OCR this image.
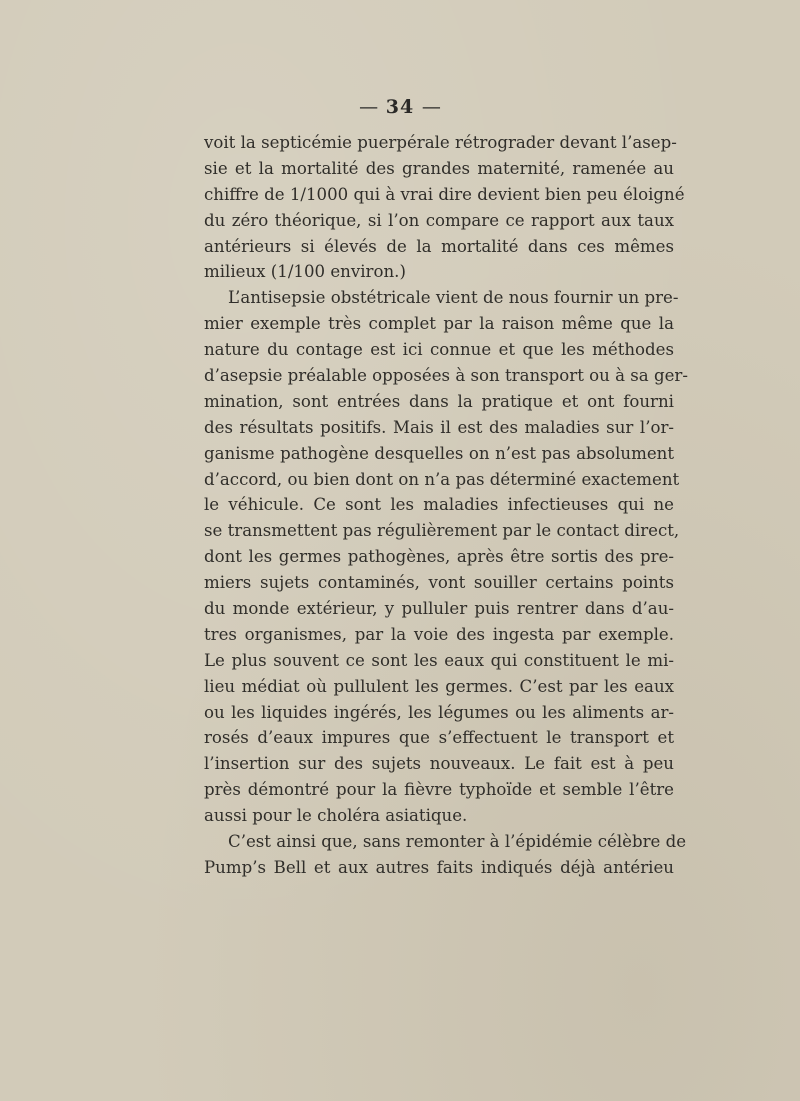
— 34 —
voit la septicémie puerpérale rétrograder devant l’asep-
sie et la mortalité des grandes maternité, ramenée au
chiffre de 1/1000 qui à vrai dire devient bien peu éloigné
du zéro théorique, si l’on compare ce rapport aux taux
antérieurs si élevés de la mortalité dans ces mêmes
milieux (1/100 environ.)
L’antisepsie obstétricale vient de nous fournir un pre-
mier exemple très complet par la raison même que la
nature du contage est ici connue et que les méthodes
d’asepsie préalable opposées à son transport ou à sa ger-
mination, sont entrées dans la pratique et ont fourni
des résultats positifs. Mais il est des maladies sur l’or-
ganisme pathogène desquelles on n’est pas absolument
d’accord, ou bien dont on n’a pas déterminé exactement
le véhicule. Ce sont les maladies infectieuses qui ne
se transmettent pas régulièrement par le contact direct,
dont les germes pathogènes, après être sortis des pre-
miers sujets contaminés, vont souiller certains points
du monde extérieur, y pulluler puis rentrer dans d’au-
tres organismes, par la voie des ingesta par exemple.
Le plus souvent ce sont les eaux qui constituent le mi-
lieu médiat où pullulent les germes. C’est par les eaux
ou les liquides ingérés, les légumes ou les aliments ar-
rosés d’eaux impures que s’effectuent le transport et
l’insertion sur des sujets nouveaux. Le fait est à peu
près démontré pour la fièvre typhoïde et semble l’être
aussi pour le choléra asiatique.
C’est ainsi que, sans remonter à l’épidémie célèbre de
Pump’s Bell et aux autres faits indiqués déjà antérieu
